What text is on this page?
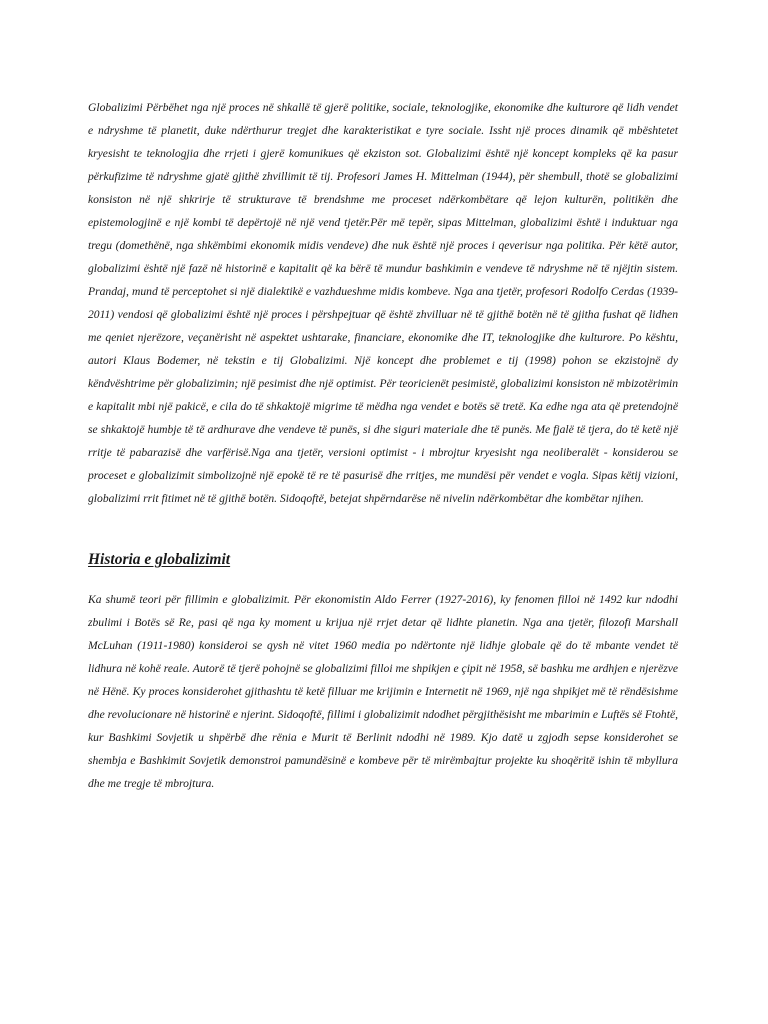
Globalizimi Përbëhet nga një proces në shkallë të gjerë politike, sociale, teknologjike, ekonomike dhe kulturore që lidh vendet e ndryshme të planetit, duke ndërthurur tregjet dhe karakteristikat e tyre sociale. Issht një proces dinamik që mbështetet kryesisht te teknologjia dhe rrjeti i gjerë komunikues që ekziston sot. Globalizimi është një koncept kompleks që ka pasur përkufizime të ndryshme gjatë gjithë zhvillimit të tij. Profesori James H. Mittelman (1944), për shembull, thotë se globalizimi konsiston në një shkrirje të strukturave të brendshme me proceset ndërkombëtare që lejon kulturën, politikën dhe epistemologjinë e një kombi të depërtojë në një vend tjetër.Për më tepër, sipas Mittelman, globalizimi është i induktuar nga tregu (domethënë, nga shkëmbimi ekonomik midis vendeve) dhe nuk është një proces i qeverisur nga politika. Për këtë autor, globalizimi është një fazë në historinë e kapitalit që ka bërë të mundur bashkimin e vendeve të ndryshme në të njëjtin sistem. Prandaj, mund të perceptohet si një dialektikë e vazhdueshme midis kombeve. Nga ana tjetër, profesori Rodolfo Cerdas (1939-2011) vendosi që globalizimi është një proces i përshpejtuar që është zhvilluar në të gjithë botën në të gjitha fushat që lidhen me qeniet njerëzore, veçanërisht në aspektet ushtarake, financiare, ekonomike dhe IT, teknologjike dhe kulturore. Po kështu, autori Klaus Bodemer, në tekstin e tij Globalizimi. Një koncept dhe problemet e tij (1998) pohon se ekzistojnë dy këndvështrime për globalizimin; një pesimist dhe një optimist. Për teoricienët pesimistë, globalizimi konsiston në mbizotërimin e kapitalit mbi një pakicë, e cila do të shkaktojë migrime të mëdha nga vendet e botës së tretë. Ka edhe nga ata që pretendojnë se shkaktojë humbje të të ardhurave dhe vendeve të punës, si dhe siguri materiale dhe të punës. Me fjalë të tjera, do të ketë një rritje të pabarazisë dhe varfërisë.Nga ana tjetër, versioni optimist - i mbrojtur kryesisht nga neoliberalët - konsiderou se proceset e globalizimit simbolizojnë një epokë të re të pasurisë dhe rritjes, me mundësi për vendet e vogla. Sipas këtij vizioni, globalizimi rrit fitimet në të gjithë botën. Sidoqoftë, betejat shpërndarëse në nivelin ndërkombëtar dhe kombëtar njihen.

Historia e globalizimit

Ka shumë teori për fillimin e globalizimit. Për ekonomistin Aldo Ferrer (1927-2016), ky fenomen filloi në 1492 kur ndodhi zbulimi i Botës së Re, pasi që nga ky moment u krijua një rrjet detar që lidhte planetin. Nga ana tjetër, filozofi Marshall McLuhan (1911-1980) konsideroi se qysh në vitet 1960 media po ndërtonte një lidhje globale që do të mbante vendet të lidhura në kohë reale. Autorë të tjerë pohojnë se globalizimi filloi me shpikjen e çipit në 1958, së bashku me ardhjen e njerëzve në Hënë. Ky proces konsiderohet gjithashtu të ketë filluar me krijimin e Internetit në 1969, një nga shpikjet më të rëndësishme dhe revolucionare në historinë e njerint. Sidoqoftë, fillimi i globalizimit ndodhet përgjithësisht me mbarimin e Luftës së Ftohtë, kur Bashkimi Sovjetik u shpërbë dhe rënia e Murit të Berlinit ndodhi në 1989. Kjo datë u zgjodh sepse konsiderohet se shembja e Bashkimit Sovjetik demonstroi pamundësinë e kombeve për të mirëmbajtur projekte ku shoqëritë ishin të mbyllura dhe me tregje të mbrojtura.
